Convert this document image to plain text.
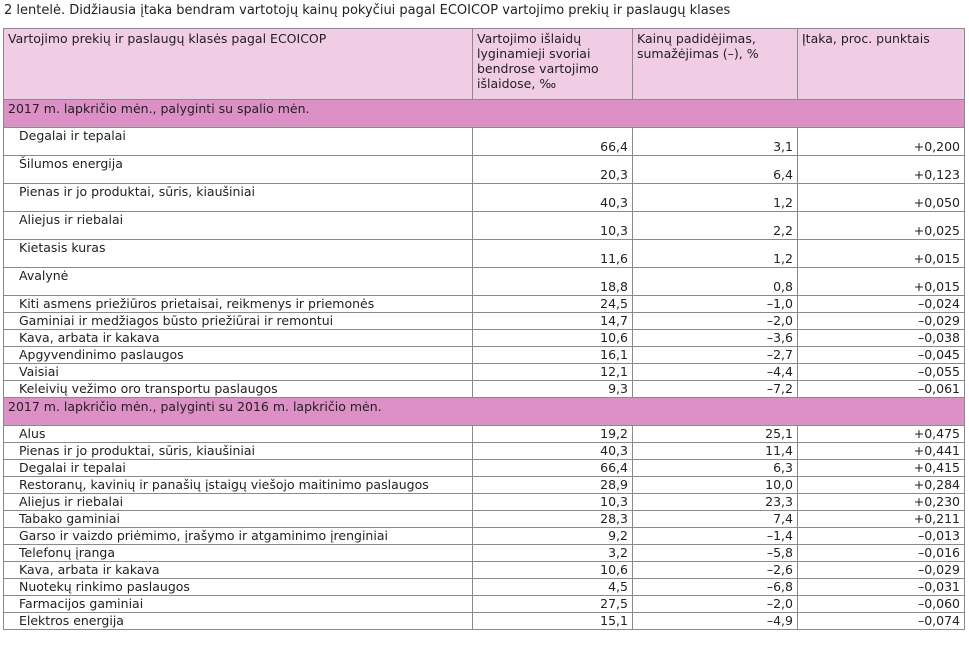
2 lentelė. Didžiausia įtaka bendram vartotojų kainų pokyčiui pagal ECOICOP vartojimo prekių ir paslaugų klases
Vartojimo prekių ir paslaugų klasės pagal ECOICOP	Vartojimo išlaidų lyginamieji svoriai bendrose vartojimo išlaidose, ‰	Kainų padidėjimas, sumažėjimas (–), %	Įtaka, proc. punktais
2017 m. lapkričio mėn., palyginti su spalio mėn.			
Degalai ir tepalai	66,4	3,1	+0,200
Šilumos energija	20,3	6,4	+0,123
Pienas ir jo produktai, sūris, kiaušiniai	40,3	1,2	+0,050
Aliejus ir riebalai	10,3	2,2	+0,025
Kietasis kuras	11,6	1,2	+0,015
Avalynė	18,8	0,8	+0,015
Kiti asmens priežiūros prietaisai, reikmenys ir priemonės	24,5	–1,0	–0,024
Gaminiai ir medžiagos būsto priežiūrai ir remontui	14,7	–2,0	–0,029
Kava, arbata ir kakava	10,6	–3,6	–0,038
Apgyvendinimo paslaugos	16,1	–2,7	–0,045
Vaisiai	12,1	–4,4	–0,055
Keleivių vežimo oro transportu paslaugos	9,3	–7,2	–0,061
2017 m. lapkričio mėn., palyginti su 2016 m. lapkričio mėn.			
Alus	19,2	25,1	+0,475
Pienas ir jo produktai, sūris, kiaušiniai	40,3	11,4	+0,441
Degalai ir tepalai	66,4	6,3	+0,415
Restoranų, kavinių ir panašių įstaigų viešojo maitinimo paslaugos	28,9	10,0	+0,284
Aliejus ir riebalai	10,3	23,3	+0,230
Tabako gaminiai	28,3	7,4	+0,211
Garso ir vaizdo priėmimo, įrašymo ir atgaminimo įrenginiai	9,2	–1,4	–0,013
Telefonų įranga	3,2	–5,8	–0,016
Kava, arbata ir kakava	10,6	–2,6	–0,029
Nuotekų rinkimo paslaugos	4,5	–6,8	–0,031
Farmacijos gaminiai	27,5	–2,0	–0,060
Elektros energija	15,1	–4,9	–0,074
